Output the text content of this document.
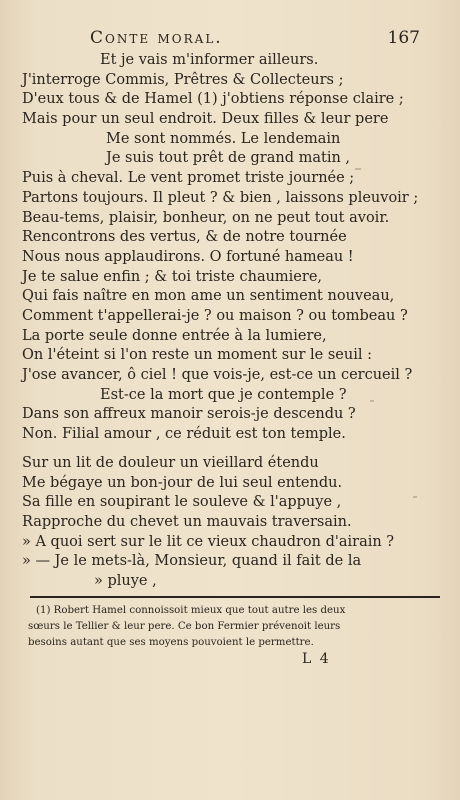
Conte moral.	167
Et je vais m'informer ailleurs.
J'interroge Commis, Prêtres & Collecteurs ;
D'eux tous & de Hamel (1) j'obtiens réponse claire ;
Mais pour un seul endroit. Deux filles & leur pere
Me sont nommés. Le lendemain
Je suis tout prêt de grand matin ,
Puis à cheval. Le vent promet triste journée ;
Partons toujours. Il pleut ? & bien , laissons pleuvoir ;
Beau-tems, plaisir, bonheur, on ne peut tout avoir.
Rencontrons des vertus, & de notre tournée
Nous nous applaudirons. O fortuné hameau !
Je te salue enfin ; & toi triste chaumiere,
Qui fais naître en mon ame un sentiment nouveau,
Comment t'appellerai-je ? ou maison ? ou tombeau ?
La porte seule donne entrée à la lumiere,
On l'éteint si l'on reste un moment sur le seuil :
J'ose avancer, ô ciel ! que vois-je, est-ce un cercueil ?
Est-ce la mort que je contemple ?
Dans son affreux manoir serois-je descendu ?
Non. Filial amour , ce réduit est ton temple.
Sur un lit de douleur un vieillard étendu
Me bégaye un bon-jour de lui seul entendu.
Sa fille en soupirant le souleve & l'appuye ,
Rapproche du chevet un mauvais traversain.
» A quoi sert sur le lit ce vieux chaudron d'airain ?
» — Je le mets-là, Monsieur, quand il fait de la
» pluye ,
(1) Robert Hamel connoissoit mieux que tout autre les deux
sœurs le Tellier & leur pere. Ce bon Fermier prévenoit leurs
besoins autant que ses moyens pouvoient le permettre.
L 4
